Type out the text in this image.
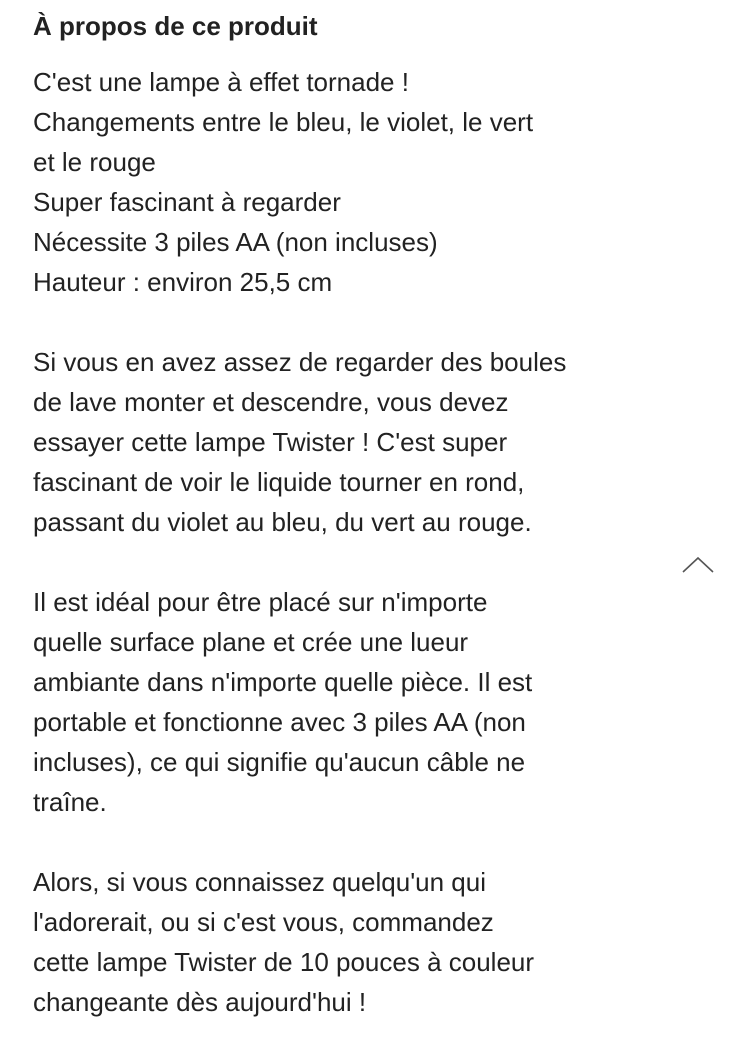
À propos de ce produit
C'est une lampe à effet tornade !
Changements entre le bleu, le violet, le vert
et le rouge
Super fascinant à regarder
Nécessite 3 piles AA (non incluses)
Hauteur : environ 25,5 cm
Si vous en avez assez de regarder des boules
de lave monter et descendre, vous devez
essayer cette lampe Twister ! C'est super
fascinant de voir le liquide tourner en rond,
passant du violet au bleu, du vert au rouge.
Il est idéal pour être placé sur n'importe
quelle surface plane et crée une lueur
ambiante dans n'importe quelle pièce. Il est
portable et fonctionne avec 3 piles AA (non
incluses), ce qui signifie qu'aucun câble ne
traîne.
Alors, si vous connaissez quelqu'un qui
l'adorerait, ou si c'est vous, commandez
cette lampe Twister de 10 pouces à couleur
changeante dès aujourd'hui !
